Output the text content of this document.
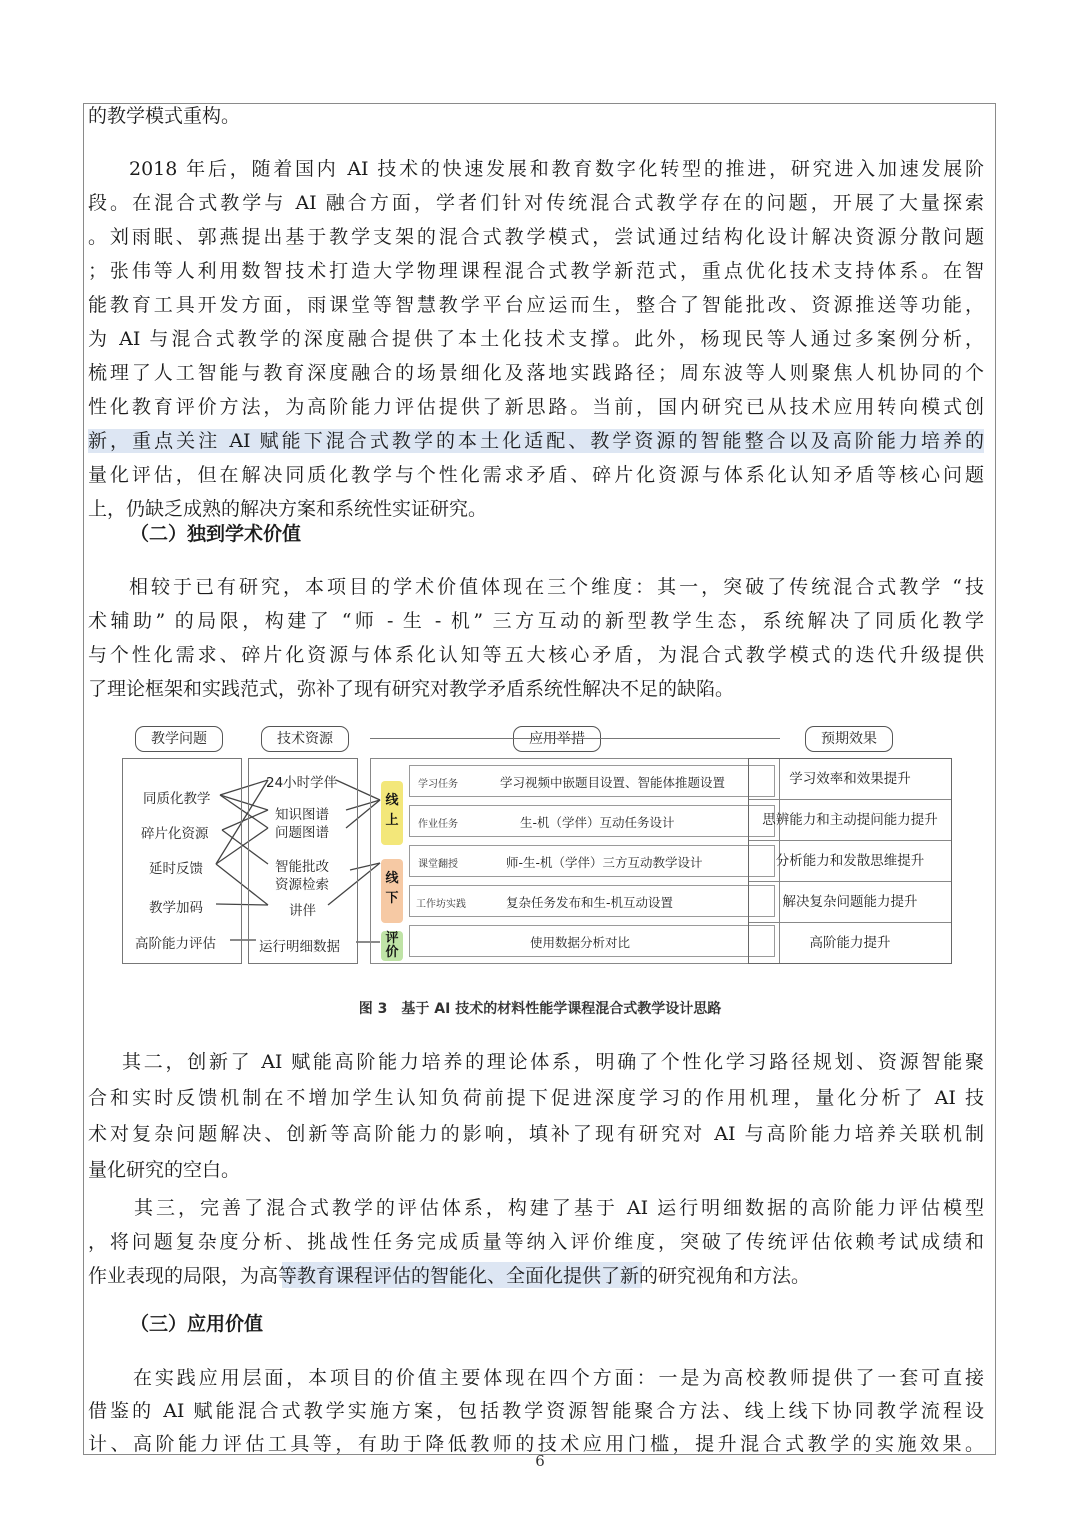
的教学模式重构。
2018 年后，随着国内 AI 技术的快速发展和教育数字化转型的推进，研究进入加速发展阶
段。在混合式教学与 AI 融合方面，学者们针对传统混合式教学存在的问题，开展了大量探索
。刘雨眠、郭燕提出基于教学支架的混合式教学模式，尝试通过结构化设计解决资源分散问题
；张伟等人利用数智技术打造大学物理课程混合式教学新范式，重点优化技术支持体系。在智
能教育工具开发方面，雨课堂等智慧教学平台应运而生，整合了智能批改、资源推送等功能，
为 AI 与混合式教学的深度融合提供了本土化技术支撑。此外，杨现民等人通过多案例分析，
梳理了人工智能与教育深度融合的场景细化及落地实践路径；周东波等人则聚焦人机协同的个
性化教育评价方法，为高阶能力评估提供了新思路。当前，国内研究已从技术应用转向模式创
新，重点关注 AI 赋能下混合式教学的本土化适配、教学资源的智能整合以及高阶能力培养的
量化评估，但在解决同质化教学与个性化需求矛盾、碎片化资源与体系化认知矛盾等核心问题
上，仍缺乏成熟的解决方案和系统性实证研究。
（二）独到学术价值
相较于已有研究，本项目的学术价值体现在三个维度：其一，突破了传统混合式教学 “技
术辅助” 的局限，构建了 “师 - 生 - 机” 三方互动的新型教学生态，系统解决了同质化教学
与个性化需求、碎片化资源与体系化认知等五大核心矛盾，为混合式教学模式的迭代升级提供
了理论框架和实践范式，弥补了现有研究对教学矛盾系统性解决不足的缺陷。
教学问题	技术资源	应用举措	预期效果
同质化教学
碎片化资源
延时反馈
教学加码
高阶能力评估
24小时学伴
知识图谱
问题图谱
智能批改
资源检索
讲伴
运行明细数据
线上
线下
评价
学习任务	学习视频中嵌题目设置、智能体推题设置
作业任务	生-机（学伴）互动任务设计
课堂翻授	师-生-机（学伴）三方互动教学设计
工作坊实践	复杂任务发布和生-机互动设置
使用数据分析对比
学习效率和效果提升
思辨能力和主动提问能力提升
分析能力和发散思维提升
解决复杂问题能力提升
高阶能力提升
图 3　基于 AI 技术的材料性能学课程混合式教学设计思路
其二，创新了 AI 赋能高阶能力培养的理论体系，明确了个性化学习路径规划、资源智能聚
合和实时反馈机制在不增加学生认知负荷前提下促进深度学习的作用机理，量化分析了 AI 技
术对复杂问题解决、创新等高阶能力的影响，填补了现有研究对 AI 与高阶能力培养关联机制
量化研究的空白。
其三，完善了混合式教学的评估体系，构建了基于 AI 运行明细数据的高阶能力评估模型
，将问题复杂度分析、挑战性任务完成质量等纳入评价维度，突破了传统评估依赖考试成绩和
作业表现的局限，为高等教育课程评估的智能化、全面化提供了新的研究视角和方法。
（三）应用价值
在实践应用层面，本项目的价值主要体现在四个方面：一是为高校教师提供了一套可直接
借鉴的 AI 赋能混合式教学实施方案，包括教学资源智能聚合方法、线上线下协同教学流程设
计、高阶能力评估工具等，有助于降低教师的技术应用门槛，提升混合式教学的实施效果。
6
